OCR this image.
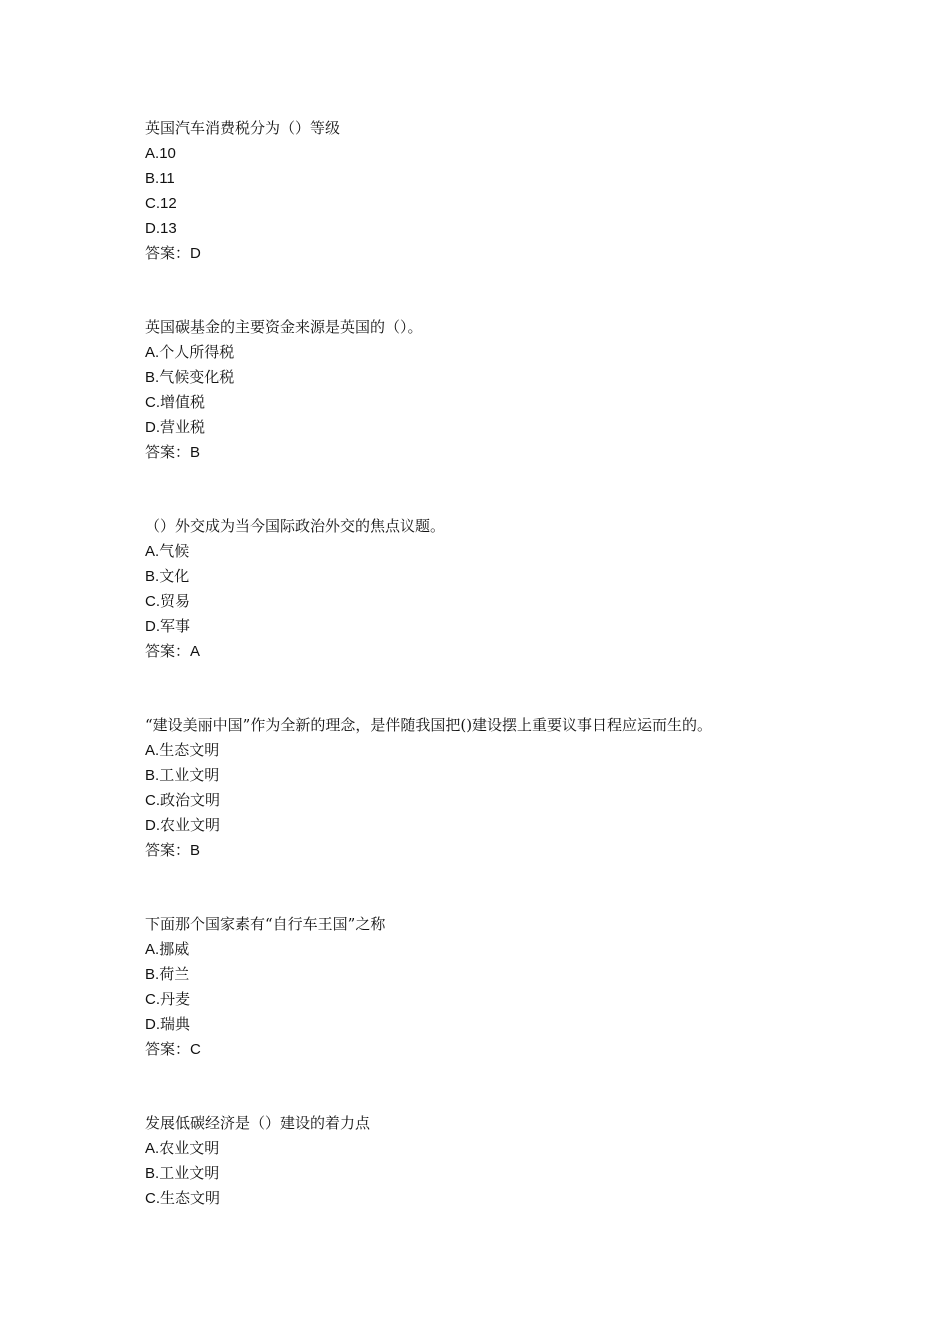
英国汽车消费税分为（）等级
A.10
B.11
C.12
D.13
答案：D
英国碳基金的主要资金来源是英国的（）。
A.个人所得税
B.气候变化税
C.增值税
D.营业税
答案：B
（）外交成为当今国际政治外交的焦点议题。
A.气候
B.文化
C.贸易
D.军事
答案：A
“建设美丽中国”作为全新的理念，是伴随我国把()建设摆上重要议事日程应运而生的。
A.生态文明
B.工业文明
C.政治文明
D.农业文明
答案：B
下面那个国家素有“自行车王国”之称
A.挪威
B.荷兰
C.丹麦
D.瑞典
答案：C
发展低碳经济是（）建设的着力点
A.农业文明
B.工业文明
C.生态文明
